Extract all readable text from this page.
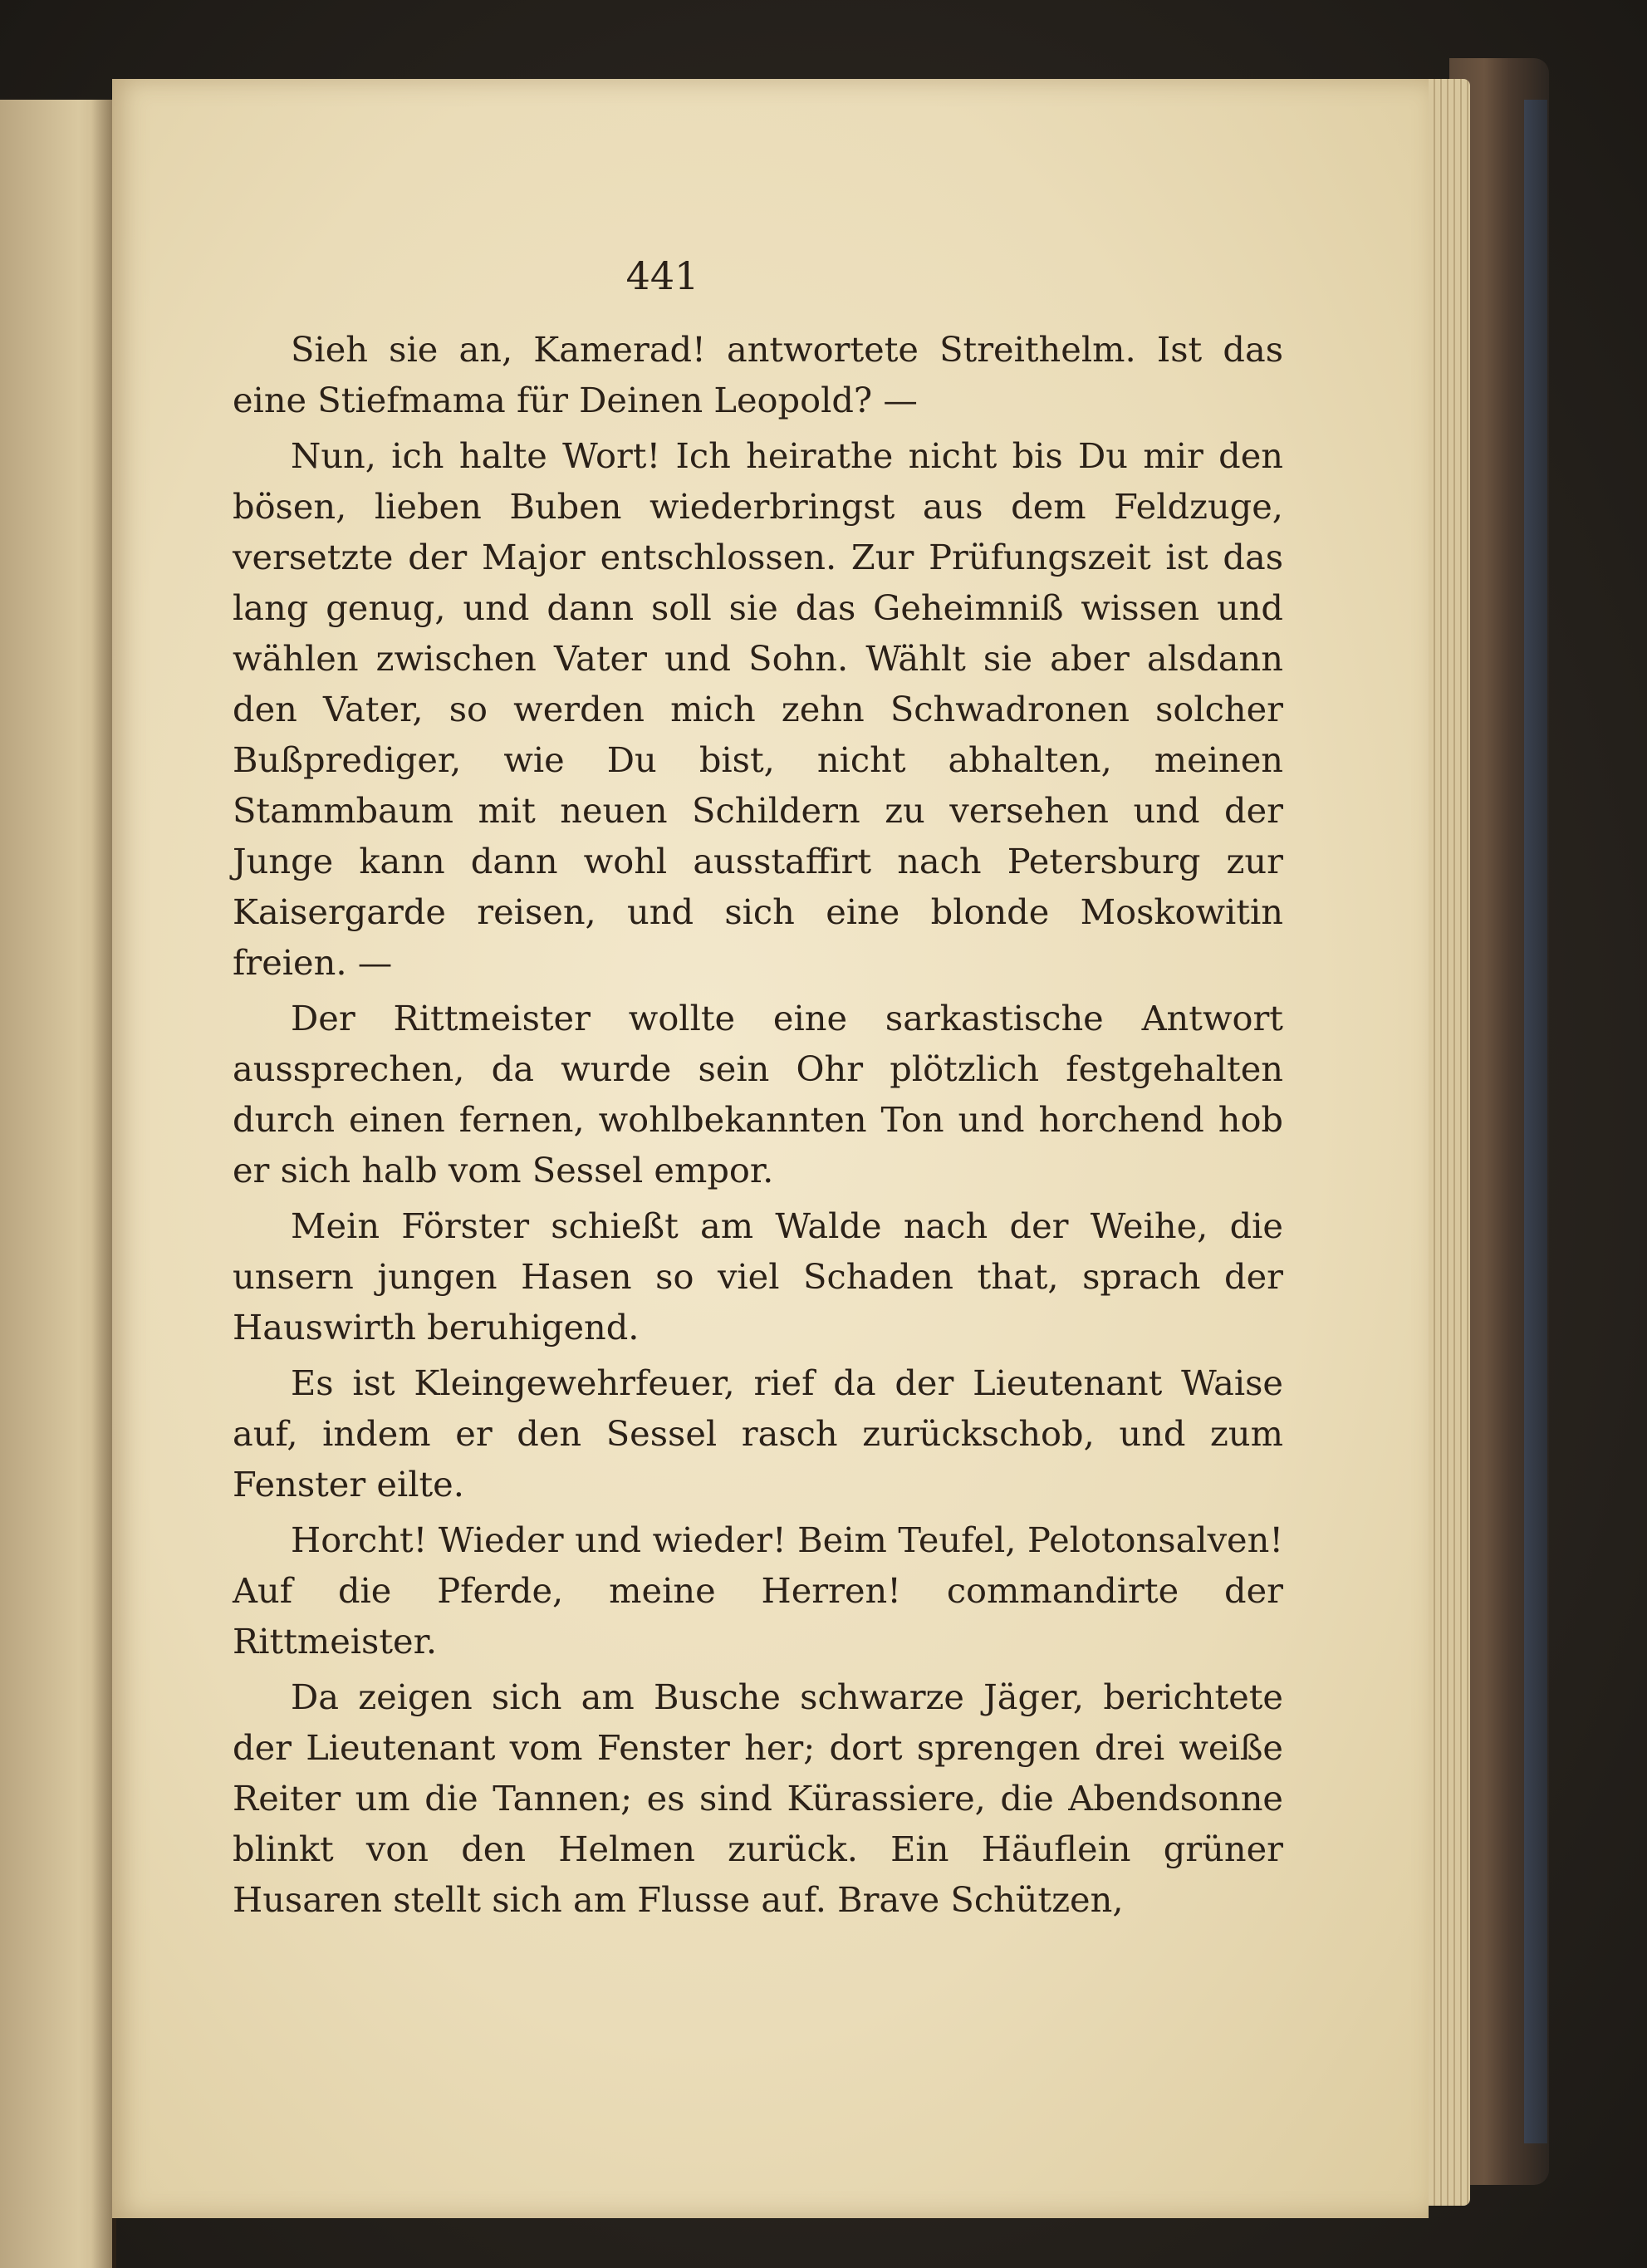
441

Sieh sie an, Kamerad! antwortete Streithelm. Ist das eine Stiefmama für Deinen Leopold? —

Nun, ich halte Wort! Ich heirathe nicht bis Du mir den bösen, lieben Buben wiederbringst aus dem Feldzuge, versetzte der Major entschlossen. Zur Prüfungszeit ist das lang genug, und dann soll sie das Geheimniß wissen und wählen zwischen Vater und Sohn. Wählt sie aber alsdann den Vater, so werden mich zehn Schwadronen solcher Bußprediger, wie Du bist, nicht abhalten, meinen Stammbaum mit neuen Schildern zu versehen und der Junge kann dann wohl ausstaffirt nach Petersburg zur Kaisergarde reisen, und sich eine blonde Moskowitin freien. —

Der Rittmeister wollte eine sarkastische Antwort aussprechen, da wurde sein Ohr plötzlich festgehalten durch einen fernen, wohlbekannten Ton und horchend hob er sich halb vom Sessel empor.

Mein Förster schießt am Walde nach der Weihe, die unsern jungen Hasen so viel Schaden that, sprach der Hauswirth beruhigend.

Es ist Kleingewehrfeuer, rief da der Lieutenant Waise auf, indem er den Sessel rasch zurückschob, und zum Fenster eilte.

Horcht! Wieder und wieder! Beim Teufel, Pelotonsalven! Auf die Pferde, meine Herren! commandirte der Rittmeister.

Da zeigen sich am Busche schwarze Jäger, berichtete der Lieutenant vom Fenster her; dort sprengen drei weiße Reiter um die Tannen; es sind Kürassiere, die Abendsonne blinkt von den Helmen zurück. Ein Häuflein grüner Husaren stellt sich am Flusse auf. Brave Schützen,
